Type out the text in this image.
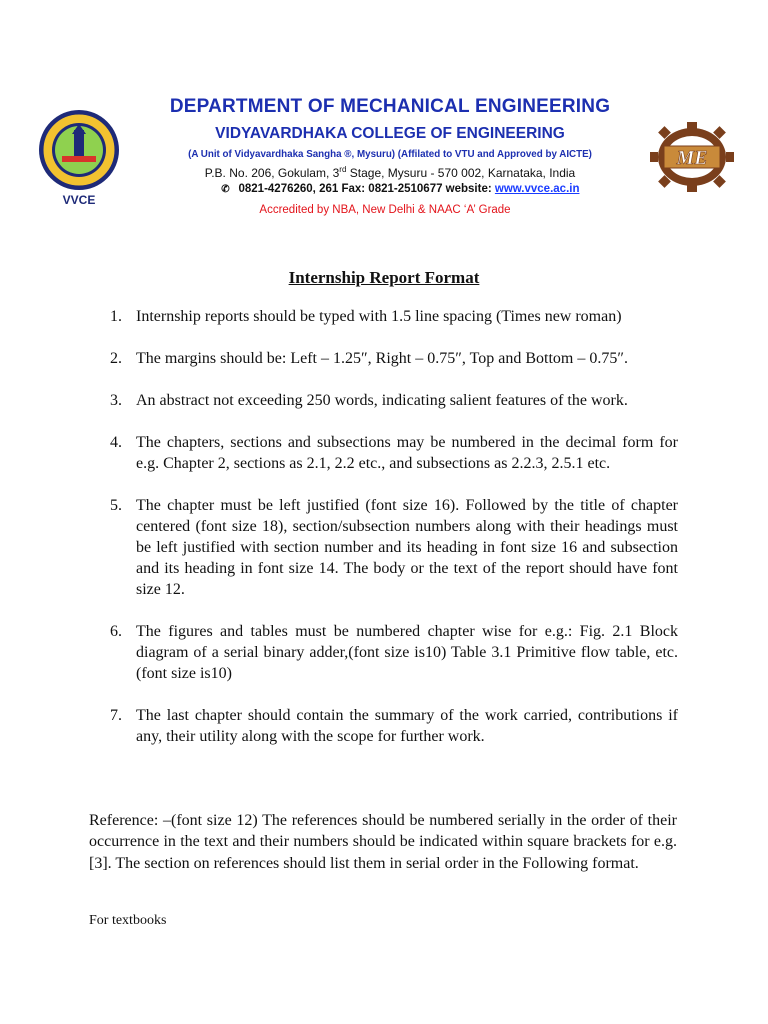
VVCE
ME
DEPARTMENT OF MECHANICAL ENGINEERING
VIDYAVARDHAKA COLLEGE OF ENGINEERING
(A Unit of Vidyavardhaka Sangha ®, Mysuru) (Affilated to VTU and Approved by AICTE)
P.B. No. 206, Gokulam, 3rd Stage, Mysuru - 570 002, Karnataka, India
✆ 0821-4276260, 261 Fax: 0821-2510677 website: www.vvce.ac.in
Accredited by NBA, New Delhi & NAAC ‘A’ Grade
Internship Report Format
1. Internship reports should be typed with 1.5 line spacing (Times new roman)
2. The margins should be: Left – 1.25″, Right – 0.75″, Top and Bottom – 0.75″.
3. An abstract not exceeding 250 words, indicating salient features of the work.
4. The chapters, sections and subsections may be numbered in the decimal form for e.g. Chapter 2, sections as 2.1, 2.2 etc., and subsections as 2.2.3, 2.5.1 etc.
5. The chapter must be left justified (font size 16). Followed by the title of chapter centered (font size 18), section/subsection numbers along with their headings must be left justified with section number and its heading in font size 16 and subsection and its heading in font size 14. The body or the text of the report should have font size 12.
6. The figures and tables must be numbered chapter wise for e.g.: Fig. 2.1 Block diagram of a serial binary adder,(font size is10) Table 3.1 Primitive flow table, etc. (font size is10)
7. The last chapter should contain the summary of the work carried, contributions if any, their utility along with the scope for further work.
Reference: –(font size 12) The references should be numbered serially in the order of their occurrence in the text and their numbers should be indicated within square brackets for e.g. [3]. The section on references should list them in serial order in the Following format.
For textbooks
